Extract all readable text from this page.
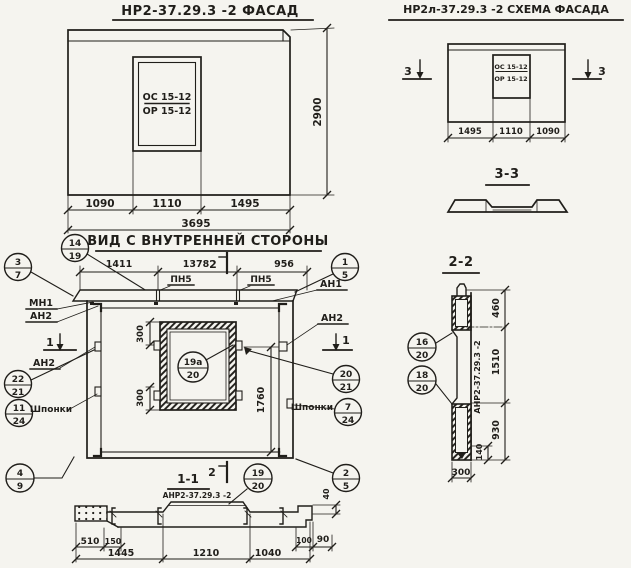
НР2-37.29.3 -2 ФАСАД
ОС 15-12
ОР 15-12
1090	1110	1495
3695
2900
НР2л-37.29.3 -2 СХЕМА ФАСАДА
ОС 15-12
ОР 15-12
3	3
1495 1110 1090
3-3
14
19
ВИД С ВНУТРЕННЕЙ СТОРОНЫ
1411	1378	956
2
ПН5	ПН5
300
300	1760
19а
20
3
7
МН1
АН2
1
АН2
22
21
11
24
Шпонки
1
5
АН1
АН2
1
20
21
Шпонки 7
24
4
9
2	19
20
2
5
1-1
АНР2-37.29.3 -2
510 150	100 90
1445	1210	1040
40
2-2
460
1510
930
140
300
АНР2-37.29.3 -2
16
20
18
20
